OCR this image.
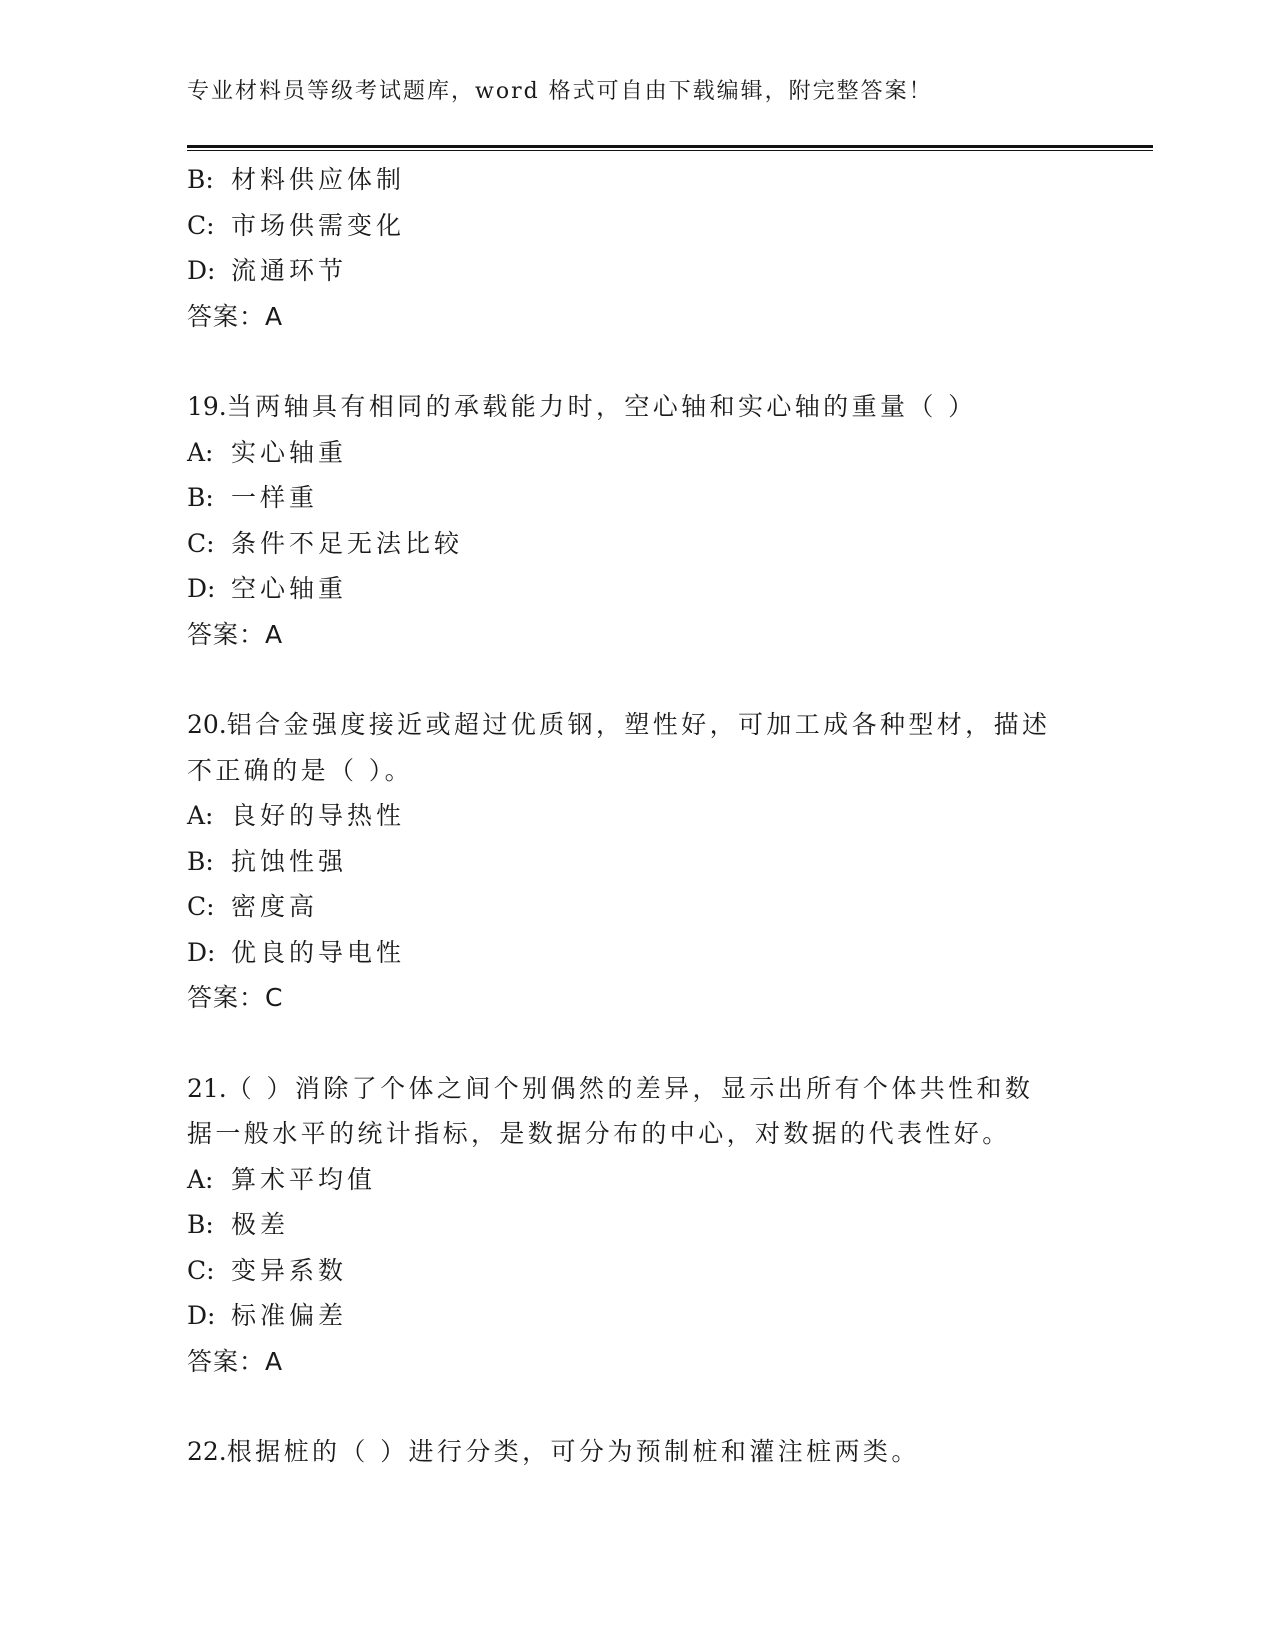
专业材料员等级考试题库，word 格式可自由下载编辑，附完整答案！
B: 材料供应体制
C: 市场供需变化
D: 流通环节
答案：A
19.当两轴具有相同的承载能力时，空心轴和实心轴的重量（ ）
A: 实心轴重
B: 一样重
C: 条件不足无法比较
D: 空心轴重
答案：A
20.铝合金强度接近或超过优质钢，塑性好，可加工成各种型材，描述
不正确的是（ ）。
A: 良好的导热性
B: 抗蚀性强
C: 密度高
D: 优良的导电性
答案：C
21.（ ）消除了个体之间个别偶然的差异，显示出所有个体共性和数
据一般水平的统计指标，是数据分布的中心，对数据的代表性好。
A: 算术平均值
B: 极差
C: 变异系数
D: 标准偏差
答案：A
22.根据桩的（ ）进行分类，可分为预制桩和灌注桩两类。
